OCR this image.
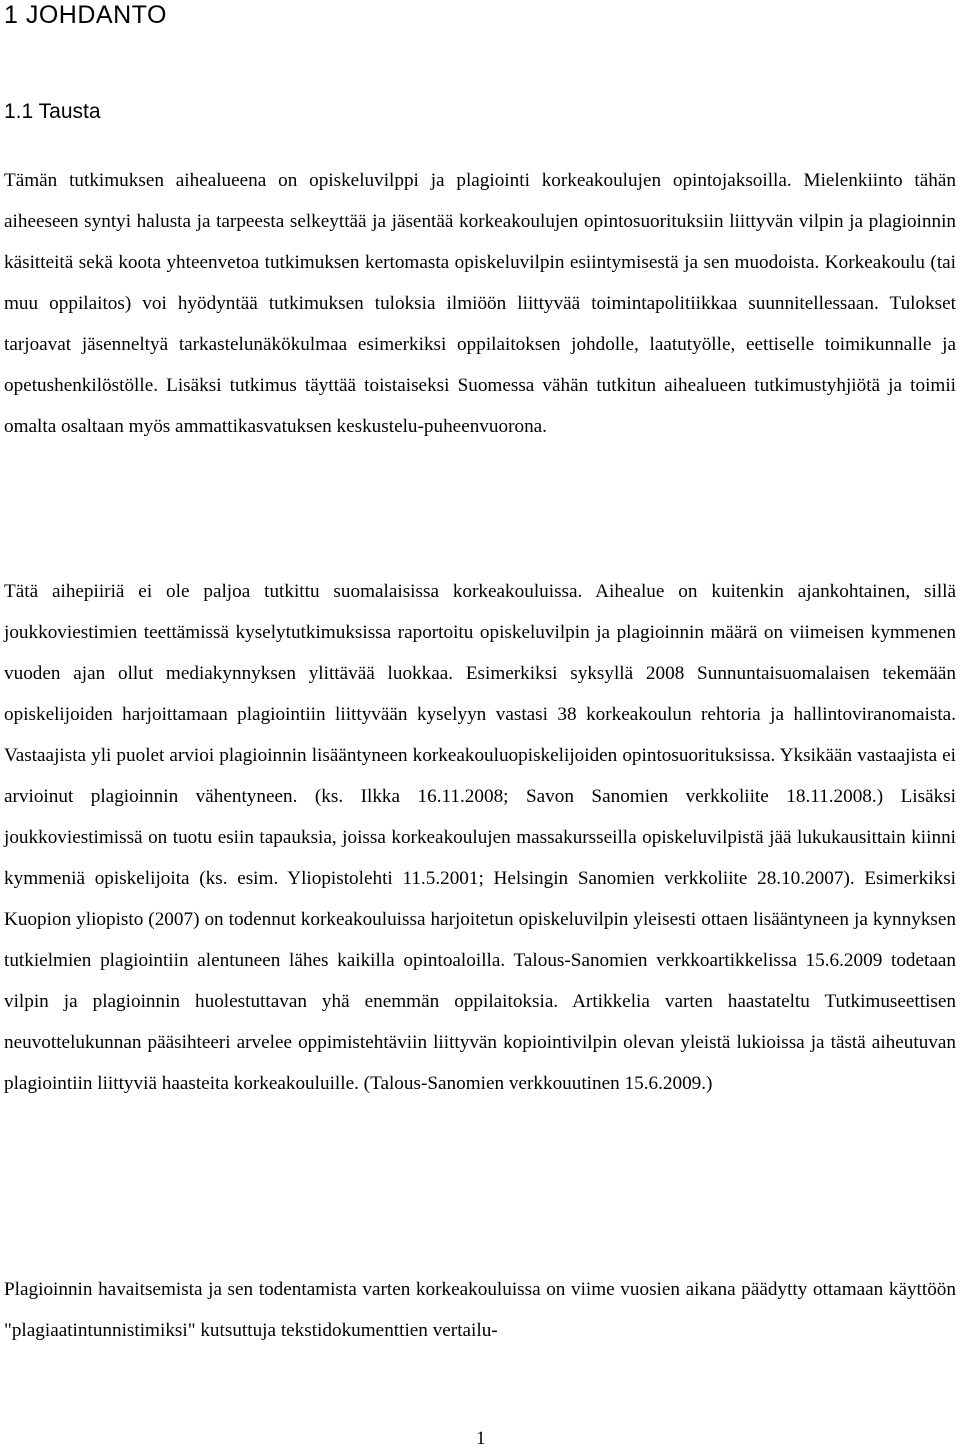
1 JOHDANTO
1.1 Tausta

Tämän tutkimuksen aihealueena on opiskeluvilppi ja plagiointi korkeakoulujen opintojaksoilla. Mielenkiinto tähän aiheeseen syntyi halusta ja tarpeesta selkeyttää ja jäsentää korkeakoulujen opintosuorituksiin liittyvän vilpin ja plagioinnin käsitteitä sekä koota yhteenvetoa tutkimuksen kertomasta opiskeluvilpin esiintymisestä ja sen muodoista. Korkeakoulu (tai muu oppilaitos) voi hyödyntää tutkimuksen tuloksia ilmiöön liittyvää toimintapolitiikkaa suunnitellessaan. Tulokset tarjoavat jäsenneltyä tarkastelunäkökulmaa esimerkiksi oppilaitoksen johdolle, laatutyölle, eettiselle toimikunnalle ja opetushenkilöstölle. Lisäksi tutkimus täyttää toistaiseksi Suomessa vähän tutkitun aihealueen tutkimustyhjiötä ja toimii omalta osaltaan myös ammattikasvatuksen keskustelu-puheenvuorona.

Tätä aihepiiriä ei ole paljoa tutkittu suomalaisissa korkeakouluissa. Aihealue on kuitenkin ajankohtainen, sillä joukkoviestimien teettämissä kyselytutkimuksissa raportoitu opiskeluvilpin ja plagioinnin määrä on viimeisen kymmenen vuoden ajan ollut mediakynnyksen ylittävää luokkaa. Esimerkiksi syksyllä 2008 Sunnuntaisuomalaisen tekemään opiskelijoiden harjoittamaan plagiointiin liittyvään kyselyyn vastasi 38 korkeakoulun rehtoria ja hallintoviranomaista. Vastaajista yli puolet arvioi plagioinnin lisääntyneen korkeakouluopiskelijoiden opintosuorituksissa. Yksikään vastaajista ei arvioinut plagioinnin vähentyneen. (ks. Ilkka 16.11.2008; Savon Sanomien verkkoliite 18.11.2008.) Lisäksi joukkoviestimissä on tuotu esiin tapauksia, joissa korkeakoulujen massakursseilla opiskeluvilpistä jää lukukausittain kiinni kymmeniä opiskelijoita (ks. esim. Yliopistolehti 11.5.2001; Helsingin Sanomien verkkoliite 28.10.2007). Esimerkiksi Kuopion yliopisto (2007) on todennut korkeakouluissa harjoitetun opiskeluvilpin yleisesti ottaen lisääntyneen ja kynnyksen tutkielmien plagiointiin alentuneen lähes kaikilla opintoaloilla. Talous-Sanomien verkkoartikkelissa 15.6.2009 todetaan vilpin ja plagioinnin huolestuttavan yhä enemmän oppilaitoksia. Artikkelia varten haastateltu Tutkimuseettisen neuvottelukunnan pääsihteeri arvelee oppimistehtäviin liittyvän kopiointivilpin olevan yleistä lukioissa ja tästä aiheutuvan plagiointiin liittyviä haasteita korkeakouluille. (Talous-Sanomien verkkouutinen 15.6.2009.)

Plagioinnin havaitsemista ja sen todentamista varten korkeakouluissa on viime vuosien aikana päädytty ottamaan käyttöön "plagiaatintunnistimiksi" kutsuttuja tekstidokumenttien vertailu-

1
